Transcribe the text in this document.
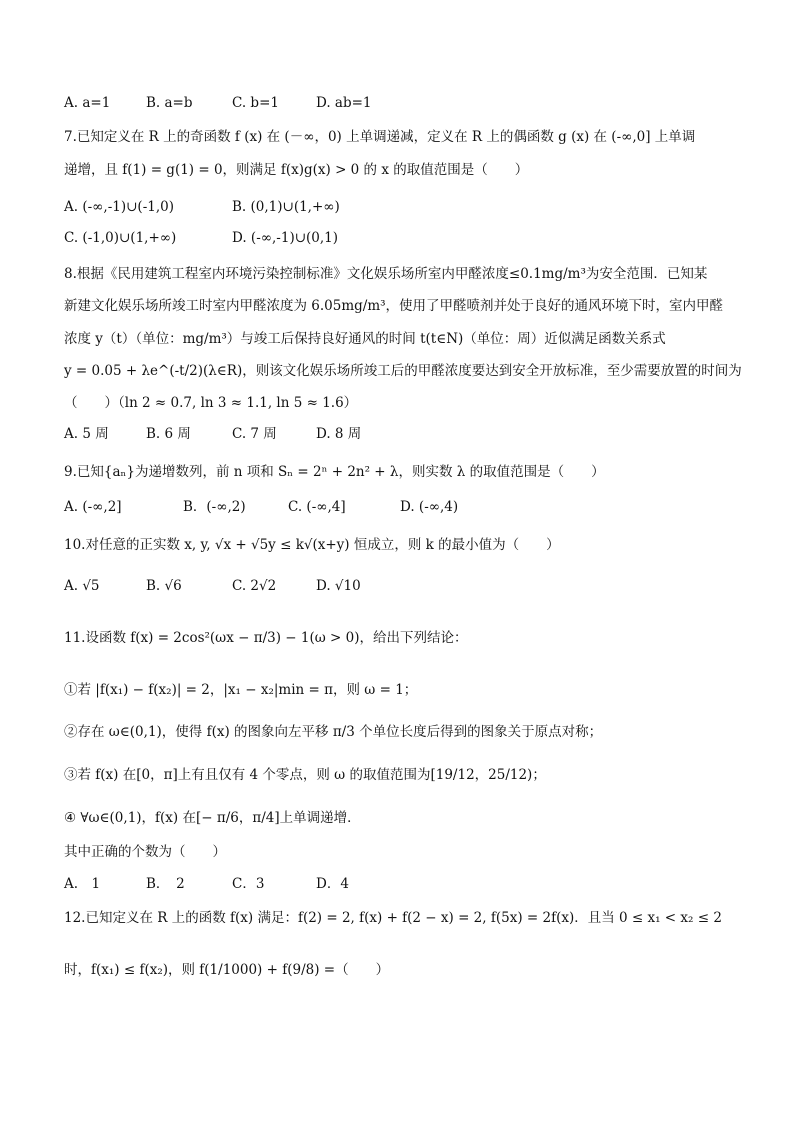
A. a=1	B. a=b	C. b=1	D. ab=1
7.已知定义在 R 上的奇函数 f (x) 在 (－∞，0) 上单调递减，定义在 R 上的偶函数 g (x) 在 (-∞,0] 上单调
递增，且 f(1) = g(1) = 0，则满足 f(x)g(x) > 0 的 x 的取值范围是（　　）
A. (-∞,-1)∪(-1,0)	B. (0,1)∪(1,+∞)
C. (-1,0)∪(1,+∞)	D. (-∞,-1)∪(0,1)
8.根据《民用建筑工程室内环境污染控制标准》文化娱乐场所室内甲醛浓度≤0.1mg/m³为安全范围．已知某
新建文化娱乐场所竣工时室内甲醛浓度为 6.05mg/m³，使用了甲醛喷剂并处于良好的通风环境下时，室内甲醛
浓度 y（t）（单位：mg/m³）与竣工后保持良好通风的时间 t(t∈N)（单位：周）近似满足函数关系式
y = 0.05 + λe^(-t/2)(λ∈R)，则该文化娱乐场所竣工后的甲醛浓度要达到安全开放标准，至少需要放置的时间为
（　　）（ln 2 ≈ 0.7, ln 3 ≈ 1.1, ln 5 ≈ 1.6）
A. 5 周	B. 6 周	C. 7 周	D. 8 周
9.已知{aₙ}为递增数列，前 n 项和 Sₙ = 2ⁿ + 2n² + λ，则实数 λ 的取值范围是（　　）
A. (-∞,2]	B．(-∞,2)	C. (-∞,4]	D. (-∞,4)
10.对任意的正实数 x, y, √x + √5y ≤ k√(x+y) 恒成立，则 k 的最小值为（　　）
A. √5	B. √6	C. 2√2	D. √10
11.设函数 f(x) = 2cos²(ωx − π/3) − 1(ω > 0)，给出下列结论：
①若 |f(x₁) − f(x₂)| = 2，|x₁ − x₂|min = π，则 ω = 1；
②存在 ω∈(0,1)，使得 f(x) 的图象向左平移 π/3 个单位长度后得到的图象关于原点对称；
③若 f(x) 在[0，π]上有且仅有 4 个零点，则 ω 的取值范围为[19/12，25/12)；
④ ∀ω∈(0,1)，f(x) 在[− π/6，π/4]上单调递增．
其中正确的个数为（　　）
A.　1	B．　2	C．3	D．4
12.已知定义在 R 上的函数 f(x) 满足：f(2) = 2, f(x) + f(2 − x) = 2, f(5x) = 2f(x)．且当 0 ≤ x₁ < x₂ ≤ 2
时，f(x₁) ≤ f(x₂)，则 f(1/1000) + f(9/8) =（　　）
